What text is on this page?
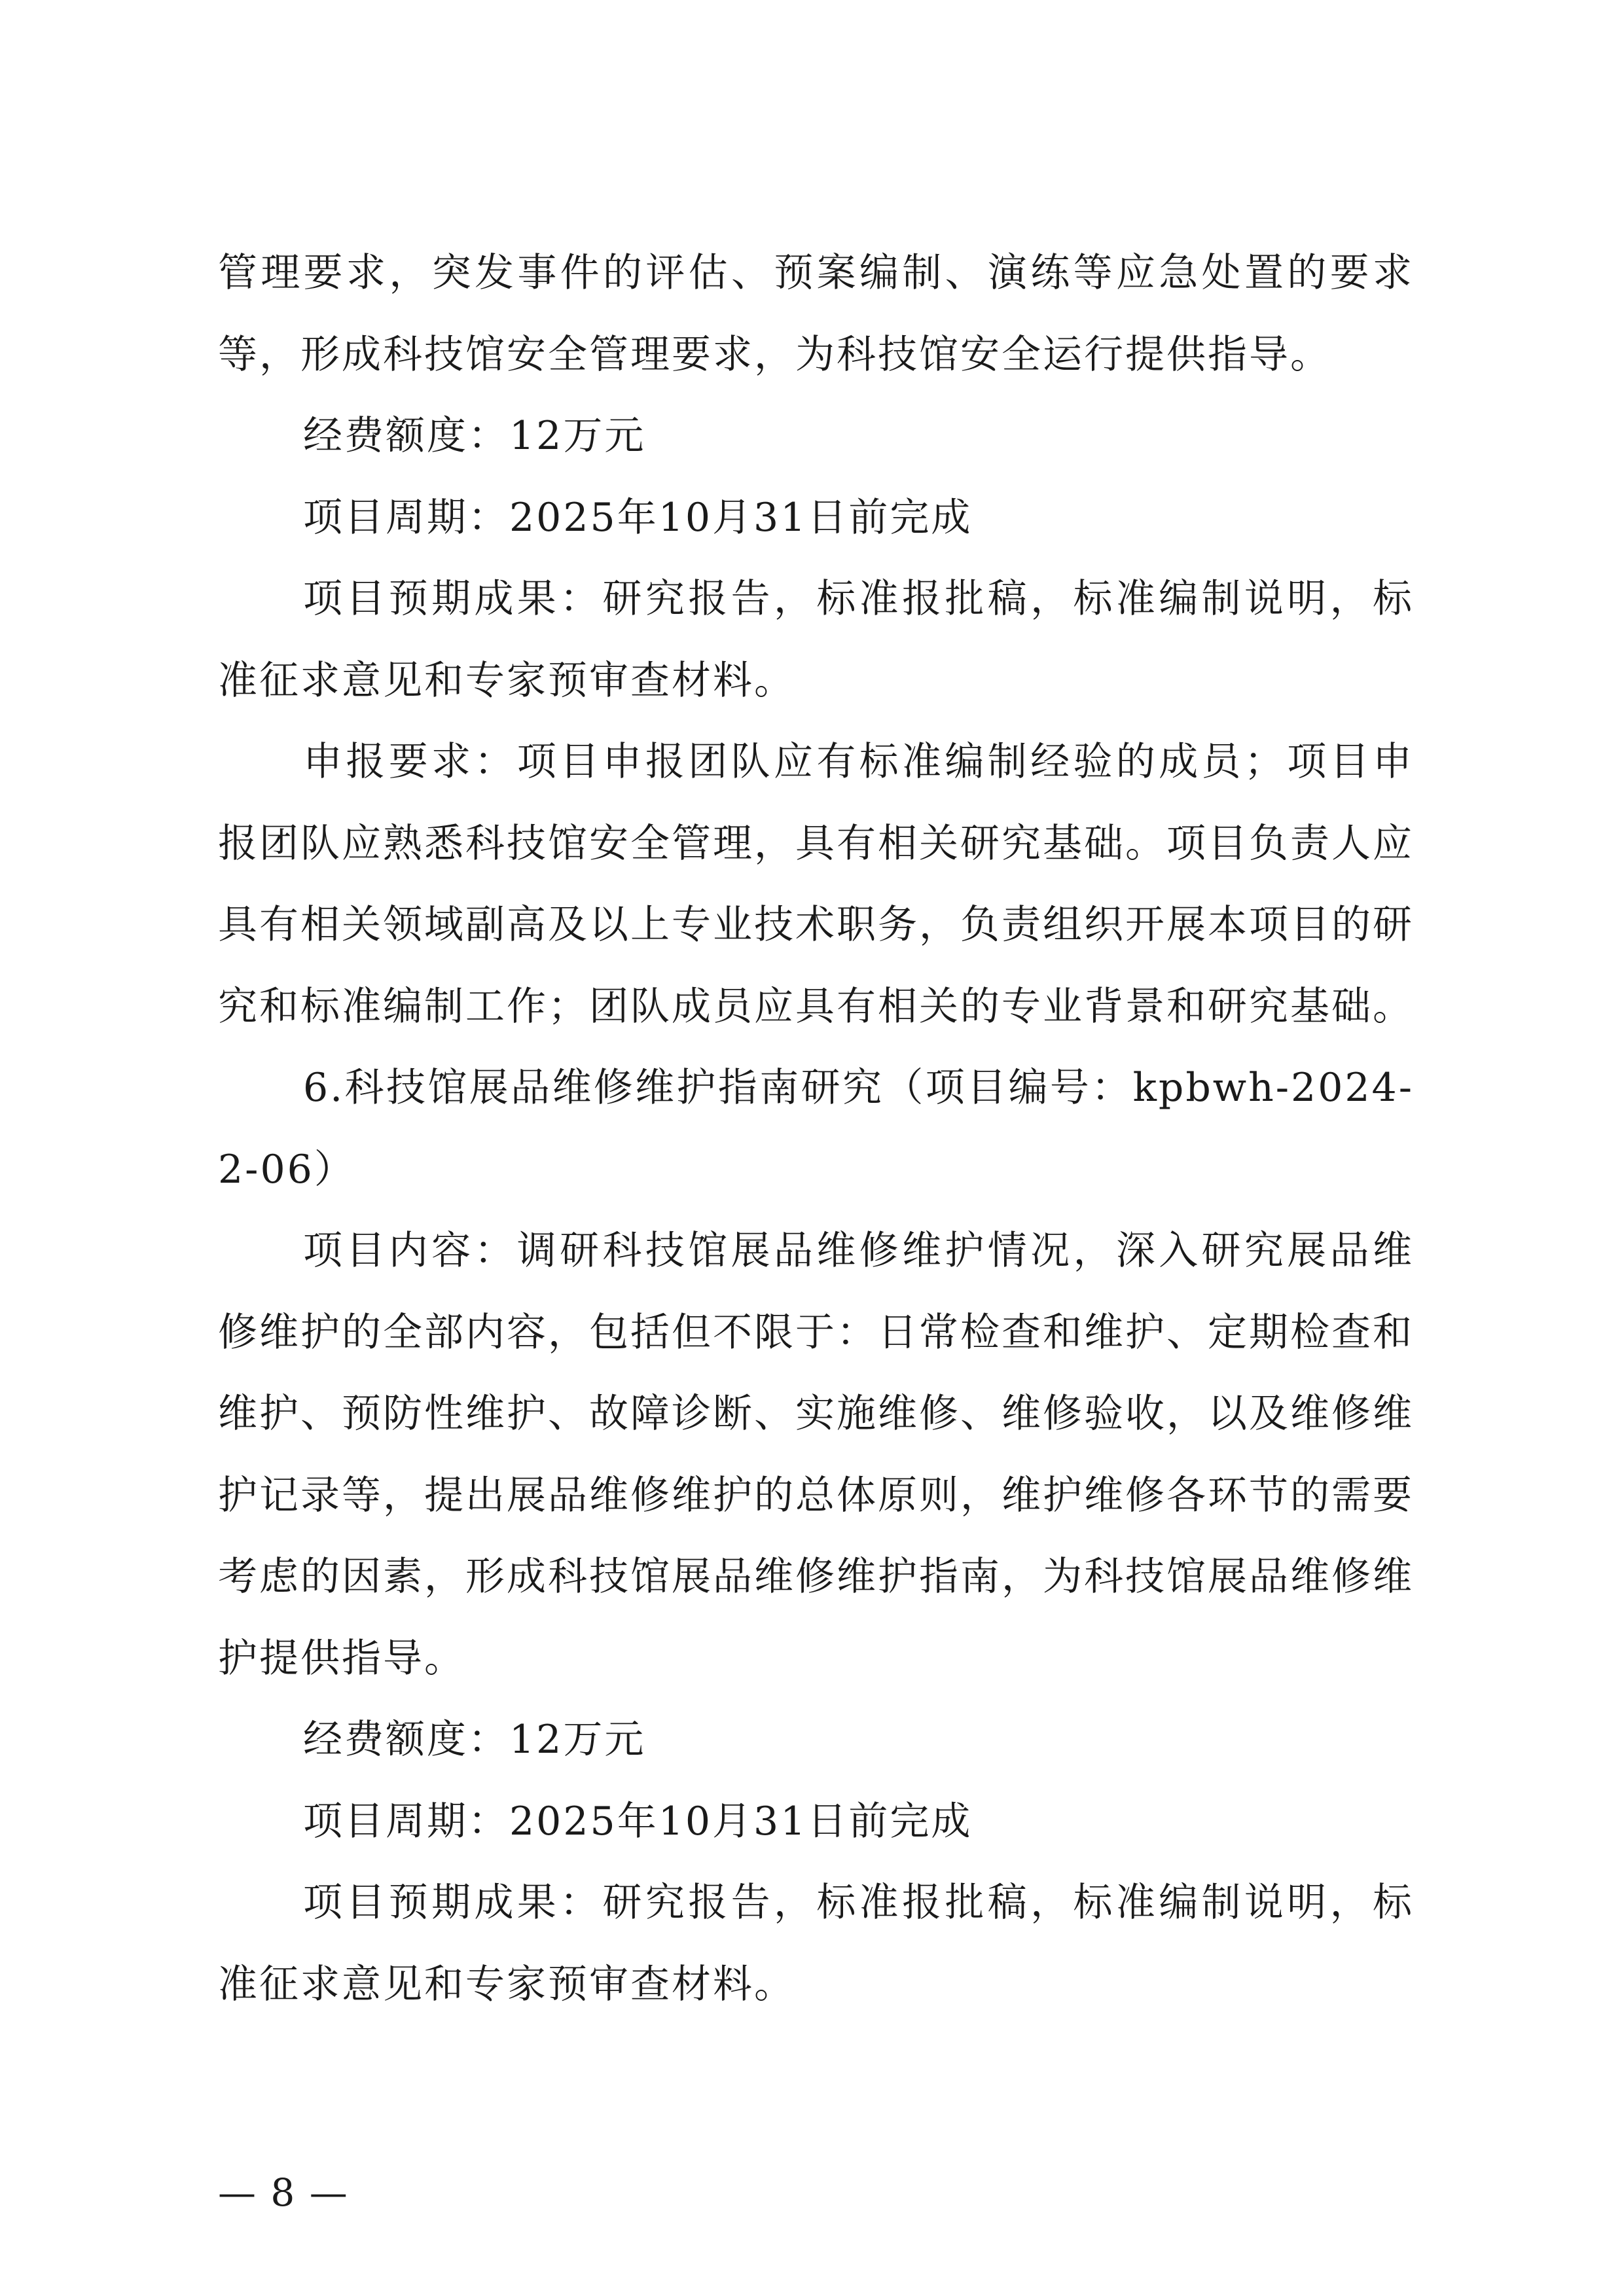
管理要求，突发事件的评估、预案编制、演练等应急处置的要求等，形成科技馆安全管理要求，为科技馆安全运行提供指导。

经费额度：12万元

项目周期：2025年10月31日前完成

项目预期成果：研究报告，标准报批稿，标准编制说明，标准征求意见和专家预审查材料。

申报要求：项目申报团队应有标准编制经验的成员；项目申报团队应熟悉科技馆安全管理，具有相关研究基础。项目负责人应具有相关领域副高及以上专业技术职务，负责组织开展本项目的研究和标准编制工作；团队成员应具有相关的专业背景和研究基础。

6.科技馆展品维修维护指南研究（项目编号：kpbwh-2024-2-06）

项目内容：调研科技馆展品维修维护情况，深入研究展品维修维护的全部内容，包括但不限于：日常检查和维护、定期检查和维护、预防性维护、故障诊断、实施维修、维修验收，以及维修维护记录等，提出展品维修维护的总体原则，维护维修各环节的需要考虑的因素，形成科技馆展品维修维护指南，为科技馆展品维修维护提供指导。

经费额度：12万元

项目周期：2025年10月31日前完成

项目预期成果：研究报告，标准报批稿，标准编制说明，标准征求意见和专家预审查材料。

— 8 —
